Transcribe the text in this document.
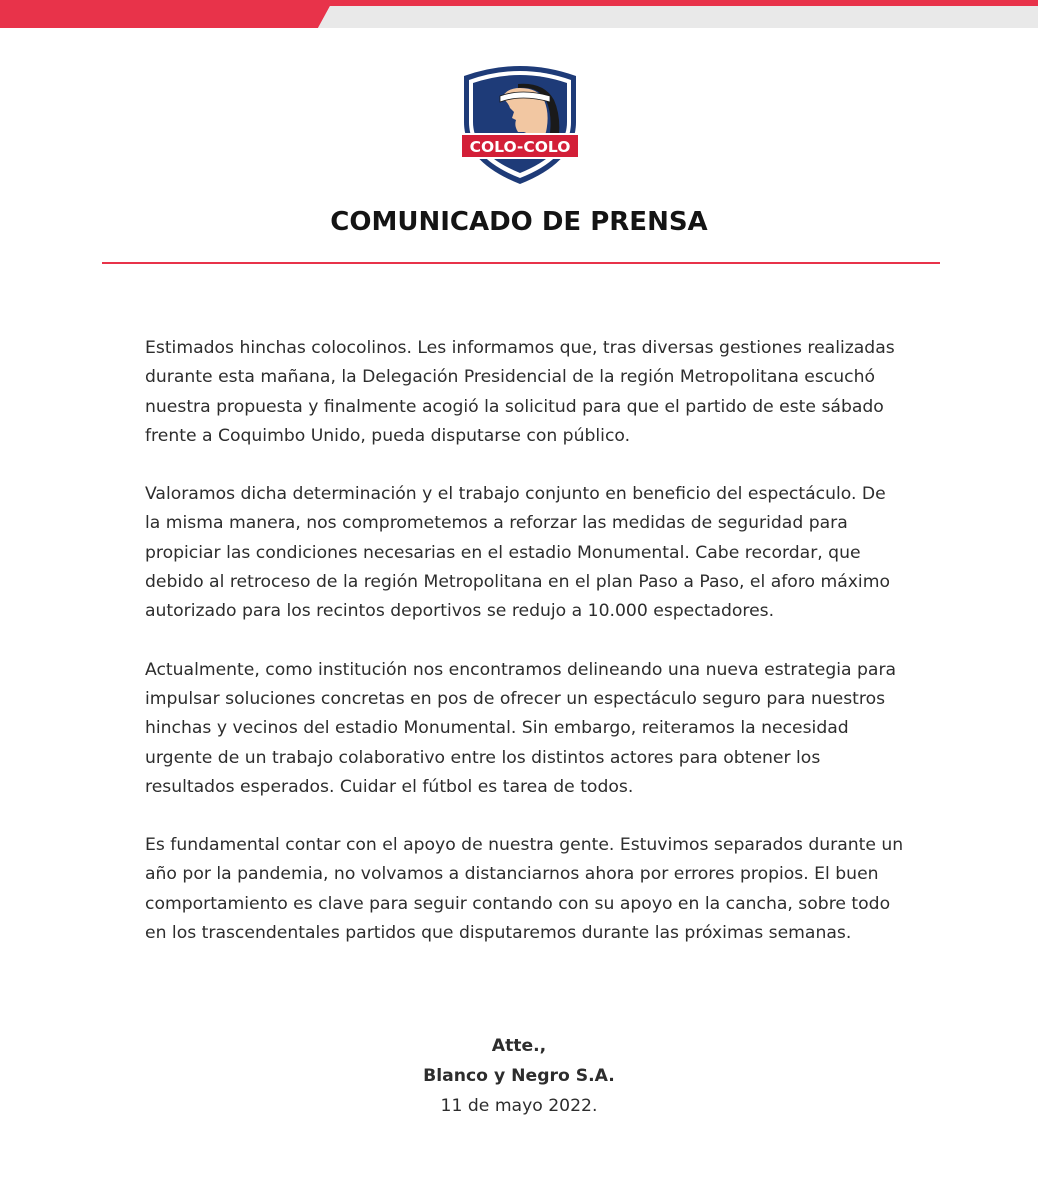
COLO-COLO
COMUNICADO DE PRENSA

Estimados hinchas colocolinos. Les informamos que, tras diversas gestiones realizadas durante esta mañana, la Delegación Presidencial de la región Metropolitana escuchó nuestra propuesta y finalmente acogió la solicitud para que el partido de este sábado frente a Coquimbo Unido, pueda disputarse con público.

Valoramos dicha determinación y el trabajo conjunto en beneficio del espectáculo. De la misma manera, nos comprometemos a reforzar las medidas de seguridad para propiciar las condiciones necesarias en el estadio Monumental. Cabe recordar, que debido al retroceso de la región Metropolitana en el plan Paso a Paso, el aforo máximo autorizado para los recintos deportivos se redujo a 10.000 espectadores.

Actualmente, como institución nos encontramos delineando una nueva estrategia para impulsar soluciones concretas en pos de ofrecer un espectáculo seguro para nuestros hinchas y vecinos del estadio Monumental. Sin embargo, reiteramos la necesidad urgente de un trabajo colaborativo entre los distintos actores para obtener los resultados esperados. Cuidar el fútbol es tarea de todos.

Es fundamental contar con el apoyo de nuestra gente. Estuvimos separados durante un año por la pandemia, no volvamos a distanciarnos ahora por errores propios. El buen comportamiento es clave para seguir contando con su apoyo en la cancha, sobre todo en los trascendentales partidos que disputaremos durante las próximas semanas.

Atte.,
Blanco y Negro S.A.
11 de mayo 2022.
